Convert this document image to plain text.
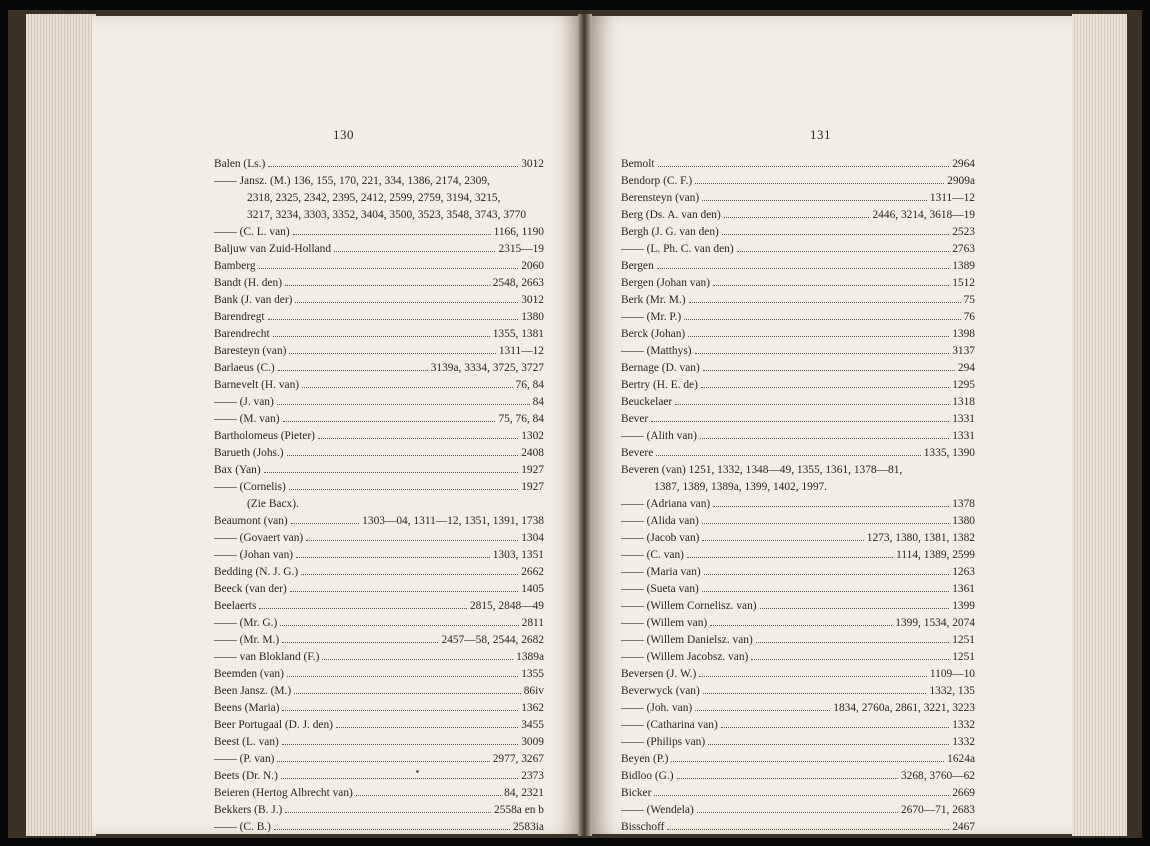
130	131
Balen (Ls.)	3012
—— Jansz. (M.) 136, 155, 170, 221, 334, 1386, 2174, 2309,
2318, 2325, 2342, 2395, 2412, 2599, 2759, 3194, 3215,
3217, 3234, 3303, 3352, 3404, 3500, 3523, 3548, 3743, 3770
—— (C. L. van)	1166, 1190
Baljuw van Zuid-Holland	2315—19
Bamberg	2060
Bandt (H. den)	2548, 2663
Bank (J. van der)	3012
Barendregt	1380
Barendrecht	1355, 1381
Baresteyn (van)	1311—12
Barlaeus (C.)	3139a, 3334, 3725, 3727
Barnevelt (H. van)	76, 84
—— (J. van)	84
—— (M. van)	75, 76, 84
Bartholomeus (Pieter)	1302
Barueth (Johs.)	2408
Bax (Yan)	1927
—— (Cornelis)	1927
(Zie Bacx).
Beaumont (van)	1303—04, 1311—12, 1351, 1391, 1738
—— (Govaert van)	1304
—— (Johan van)	1303, 1351
Bedding (N. J. G.)	2662
Beeck (van der)	1405
Beelaerts	2815, 2848—49
—— (Mr. G.)	2811
—— (Mr. M.)	2457—58, 2544, 2682
—— van Blokland (F.)	1389a
Beemden (van)	1355
Been Jansz. (M.)	86iv
Beens (Maria)	1362
Beer Portugaal (D. J. den)	3455
Beest (L. van)	3009
—— (P. van)	2977, 3267
Beets (Dr. N.)	2373
Beieren (Hertog Albrecht van)	84, 2321
Bekkers (B. J.)	2558a en b
—— (C. B.)	2583ia
Bemolt	2964
Bendorp (C. F.)	2909a
Berensteyn (van)	1311—12
Berg (Ds. A. van den)	2446, 3214, 3618—19
Bergh (J. G. van den)	2523
—— (L. Ph. C. van den)	2763
Bergen	1389
Bergen (Johan van)	1512
Berk (Mr. M.)	75
—— (Mr. P.)	76
Berck (Johan)	1398
—— (Matthys)	3137
Bernage (D. van)	294
Bertry (H. E. de)	1295
Beuckelaer	1318
Bever	1331
—— (Alith van)	1331
Bevere	1335, 1390
Beveren (van) 1251, 1332, 1348—49, 1355, 1361, 1378—81,
1387, 1389, 1389a, 1399, 1402, 1997.
—— (Adriana van)	1378
—— (Alida van)	1380
—— (Jacob van)	1273, 1380, 1381, 1382
—— (C. van)	1114, 1389, 2599
—— (Maria van)	1263
—— (Sueta van)	1361
—— (Willem Cornelisz. van)	1399
—— (Willem van)	1399, 1534, 2074
—— (Willem Danielsz. van)	1251
—— (Willem Jacobsz. van)	1251
Beversen (J. W.)	1109—10
Beverwyck (van)	1332, 135
—— (Joh. van)	1834, 2760a, 2861, 3221, 3223
—— (Catharina van)	1332
—— (Philips van)	1332
Beyen (P.)	1624a
Bidloo (G.)	3268, 3760—62
Bicker	2669
—— (Wendela)	2670—71, 2683
Bisschoff	2467
